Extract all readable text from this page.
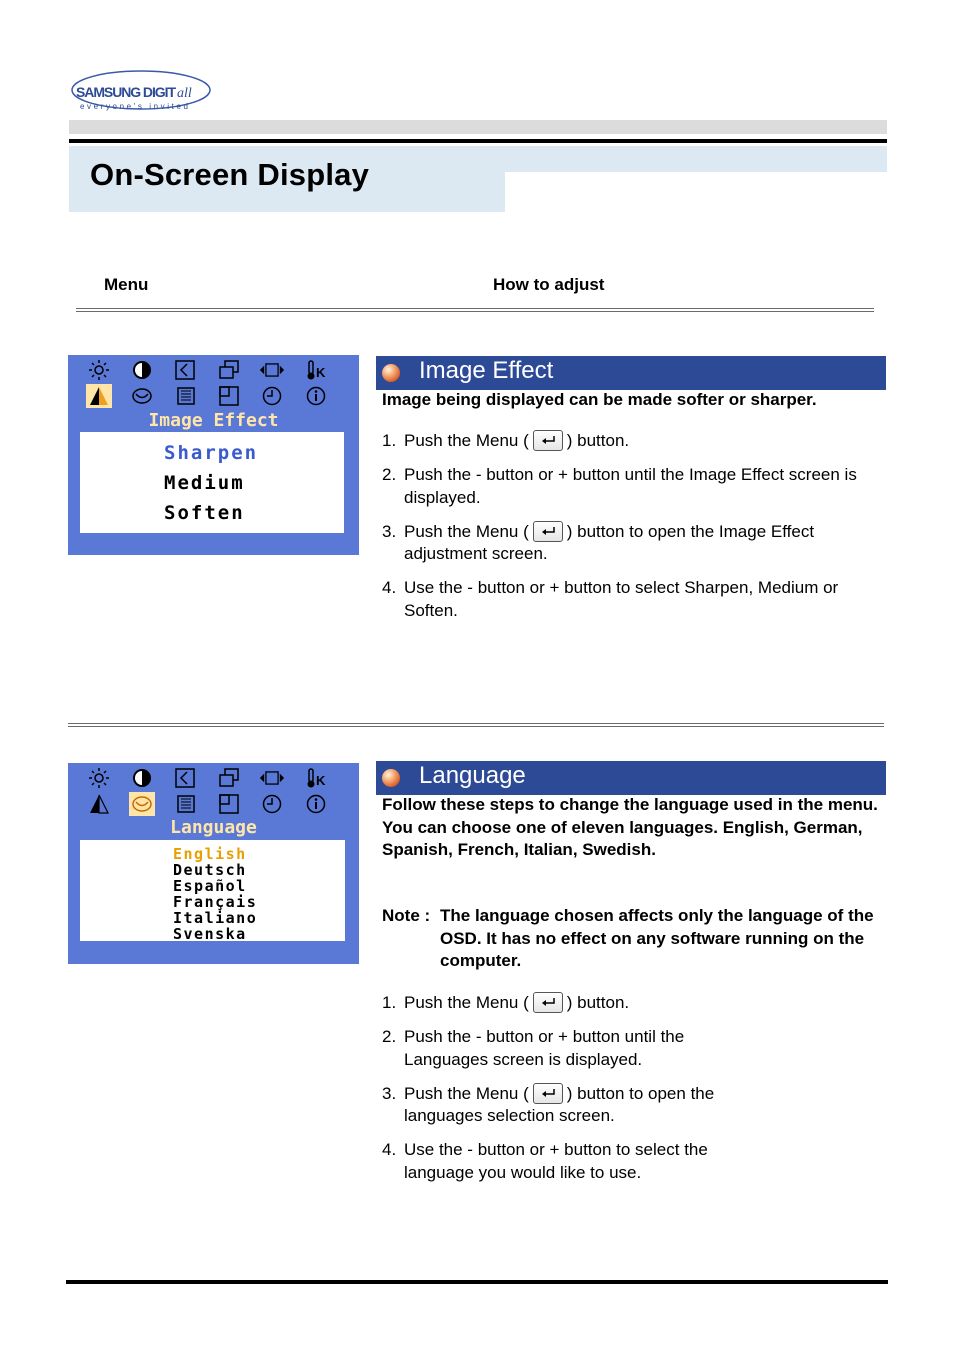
SAMSUNG DIGIT all
everyone's invited
On-Screen Display
Menu	How to adjust
K
Image Effect
Sharpen
Medium
Soften
Image Effect
Image being displayed can be made softer or sharper.
1. Push the Menu ( ) button.
2. Push the - button or + button until the Image Effect screen is displayed.
3. Push the Menu ( ) button to open the Image Effect adjustment screen.
4. Use the - button or + button to select Sharpen, Medium or Soften.
K
Language
English
Deutsch
Español
Français
Italiano
Svenska
Language
Follow these steps to change the language used in the menu. You can choose one of eleven languages. English, German, Spanish, French, Italian, Swedish.
Note : The language chosen affects only the language of the OSD. It has no effect on any software running on the computer.
1. Push the Menu ( ) button.
2. Push the - button or + button until the Languages screen is displayed.
3. Push the Menu ( ) button to open the languages selection screen.
4. Use the - button or + button to select the language you would like to use.
